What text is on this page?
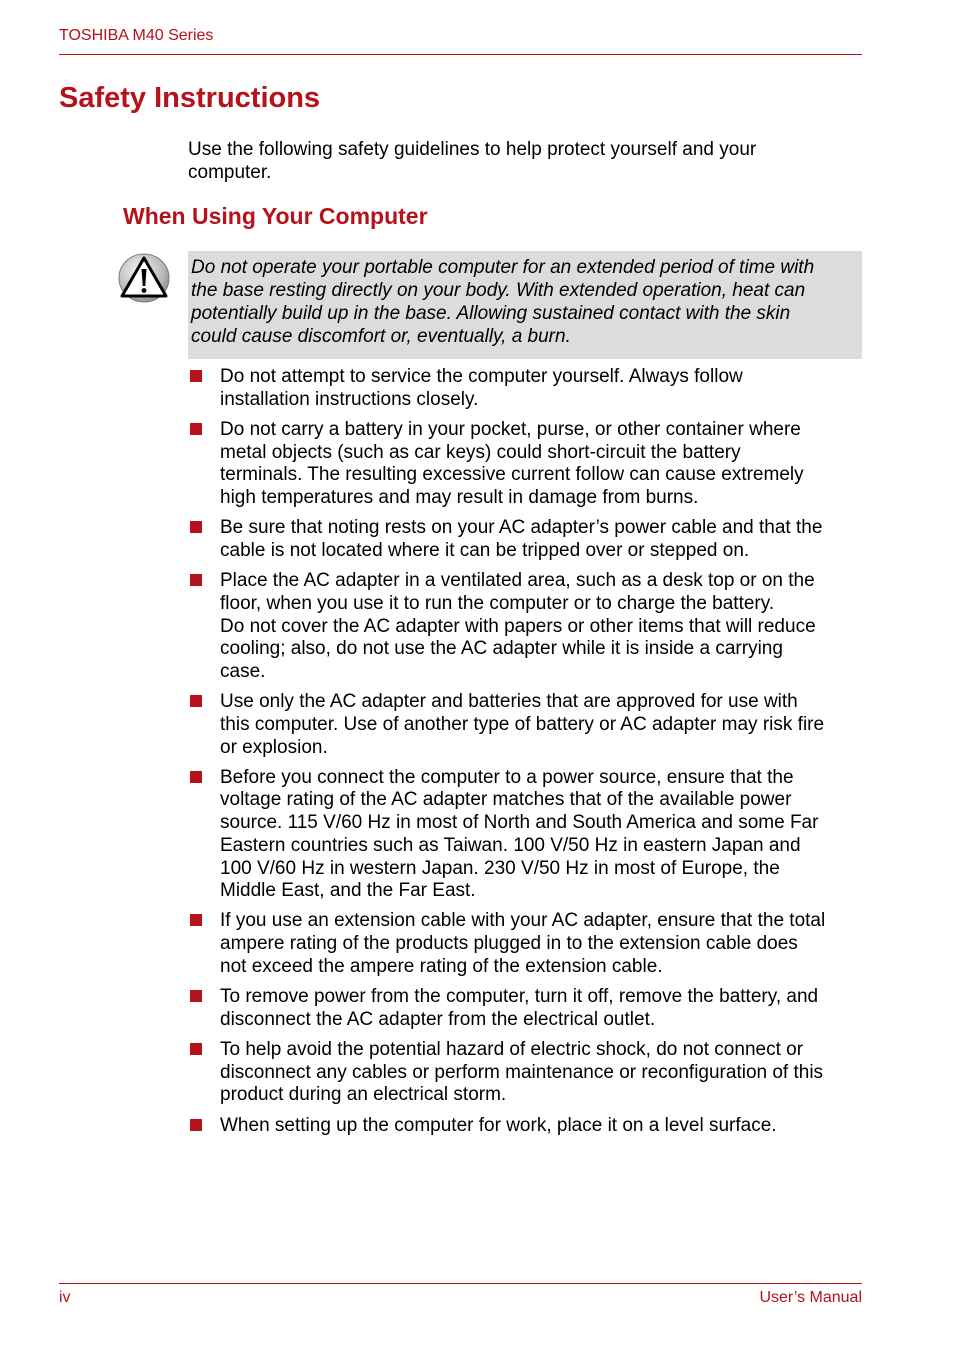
TOSHIBA M40 Series
Safety Instructions

Use the following safety guidelines to help protect yourself and your
computer.

When Using Your Computer
Do not operate your portable computer for an extended period of time with
the base resting directly on your body. With extended operation, heat can
potentially build up in the base. Allowing sustained contact with the skin
could cause discomfort or, eventually, a burn.
Do not attempt to service the computer yourself. Always follow
installation instructions closely.
Do not carry a battery in your pocket, purse, or other container where
metal objects (such as car keys) could short-circuit the battery
terminals. The resulting excessive current follow can cause extremely
high temperatures and may result in damage from burns.
Be sure that noting rests on your AC adapter’s power cable and that the
cable is not located where it can be tripped over or stepped on.
Place the AC adapter in a ventilated area, such as a desk top or on the
floor, when you use it to run the computer or to charge the battery.
Do not cover the AC adapter with papers or other items that will reduce
cooling; also, do not use the AC adapter while it is inside a carrying
case.
Use only the AC adapter and batteries that are approved for use with
this computer. Use of another type of battery or AC adapter may risk fire
or explosion.
Before you connect the computer to a power source, ensure that the
voltage rating of the AC adapter matches that of the available power
source. 115 V/60 Hz in most of North and South America and some Far
Eastern countries such as Taiwan. 100 V/50 Hz in eastern Japan and
100 V/60 Hz in western Japan. 230 V/50 Hz in most of Europe, the
Middle East, and the Far East.
If you use an extension cable with your AC adapter, ensure that the total
ampere rating of the products plugged in to the extension cable does
not exceed the ampere rating of the extension cable.
To remove power from the computer, turn it off, remove the battery, and
disconnect the AC adapter from the electrical outlet.
To help avoid the potential hazard of electric shock, do not connect or
disconnect any cables or perform maintenance or reconfiguration of this
product during an electrical storm.
When setting up the computer for work, place it on a level surface.
iv	User’s Manual
